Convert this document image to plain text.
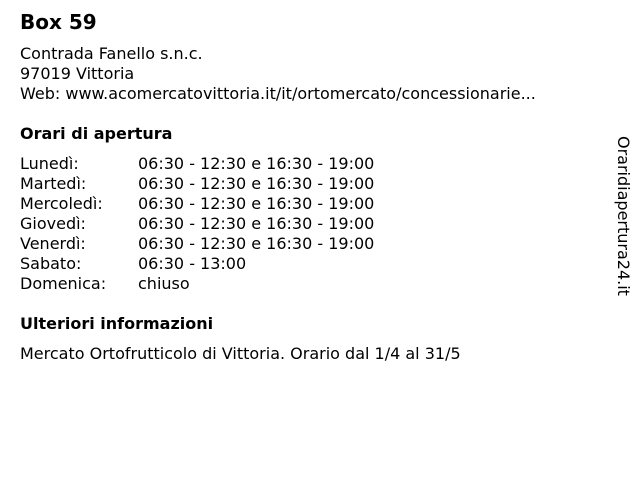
Box 59
Contrada Fanello s.n.c.
97019 Vittoria
Web: www.acomercatovittoria.it/it/ortomercato/concessionarie...
Orari di apertura
Lunedì:	06:30 - 12:30 e 16:30 - 19:00
Martedì:	06:30 - 12:30 e 16:30 - 19:00
Mercoledì: 06:30 - 12:30 e 16:30 - 19:00
Giovedì:	06:30 - 12:30 e 16:30 - 19:00
Venerdì:	06:30 - 12:30 e 16:30 - 19:00
Sabato:	06:30 - 13:00
Domenica: chiuso
Ulteriori informazioni
Mercato Ortofrutticolo di Vittoria. Orario dal 1/4 al 31/5
Oraridiapertura24.it
